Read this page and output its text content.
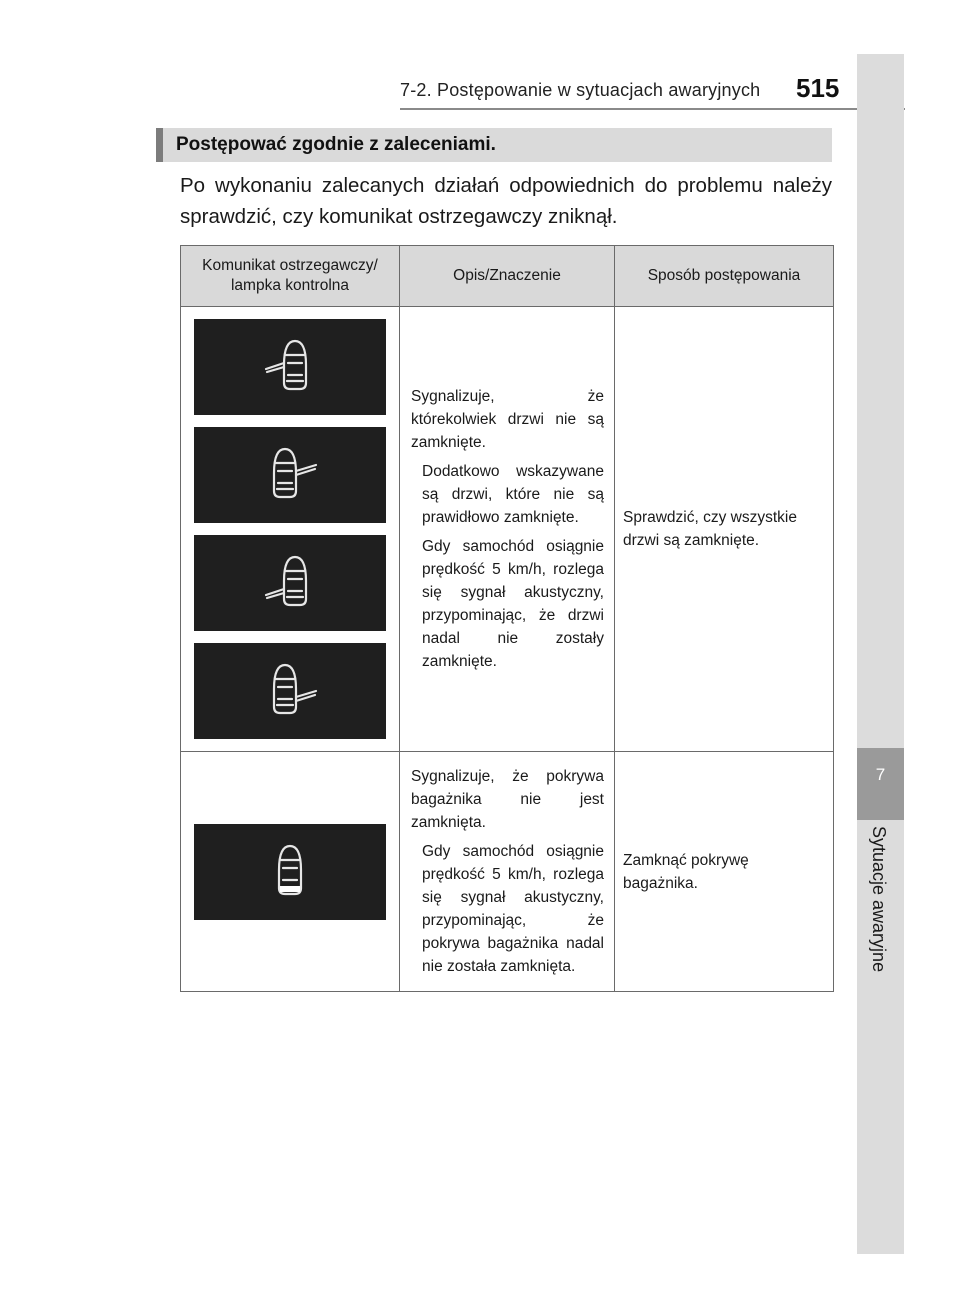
7-2. Postępowanie w sytuacjach awaryjnych 515
7
Sytuacje awaryjne
Postępować zgodnie z zaleceniami.
Po wykonaniu zalecanych działań odpowiednich do problemu należy sprawdzić, czy komunikat ostrzegawczy zniknął.
Komunikat ostrzegawczy/ lampka kontrolna	Opis/Znaczenie	Sposób postępowania

Sygnalizuje, że którekolwiek drzwi nie są zamknięte.

Dodatkowo wskazywane są drzwi, które nie są prawidłowo zamknięte.

Gdy samochód osiągnie prędkość 5 km/h, rozlega się sygnał akustyczny, przypominając, że drzwi nadal nie zostały zamknięte.	Sprawdzić, czy wszystkie drzwi są zamknięte.

Sygnalizuje, że pokrywa bagażnika nie jest zamknięta.

Gdy samochód osiągnie prędkość 5 km/h, rozlega się sygnał akustyczny, przypominając, że pokrywa bagażnika nadal nie została zamknięta.	Zamknąć pokrywę bagażnika.
